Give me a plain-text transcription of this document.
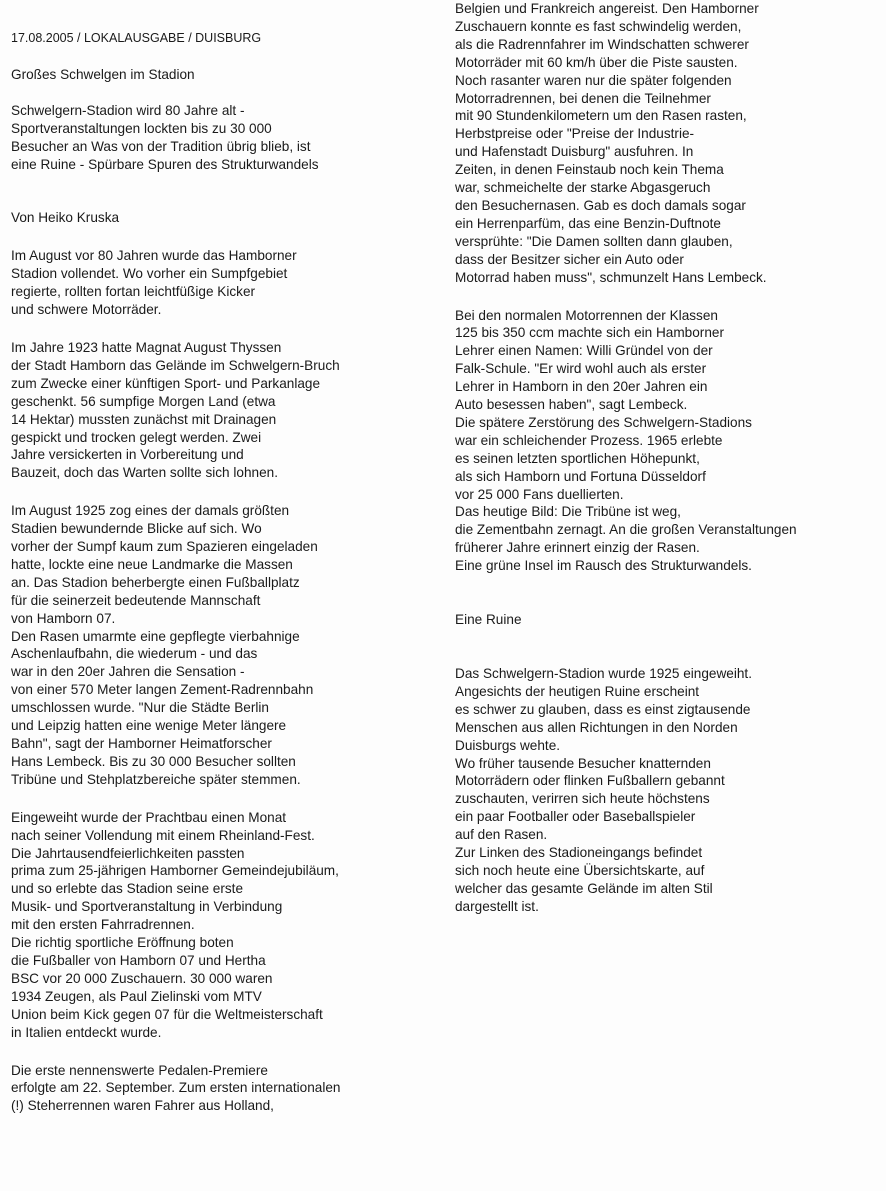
17.08.2005 / LOKALAUSGABE / DUISBURG
Großes Schwelgen im Stadion
Schwelgern-Stadion wird 80 Jahre alt -
Sportveranstaltungen lockten bis zu 30 000
Besucher an Was von der Tradition übrig blieb, ist
eine Ruine - Spürbare Spuren des Strukturwandels
Von Heiko Kruska
Im August vor 80 Jahren wurde das Hamborner
Stadion vollendet. Wo vorher ein Sumpfgebiet
regierte, rollten fortan leichtfüßige Kicker
und schwere Motorräder.
Im Jahre 1923 hatte Magnat August Thyssen
der Stadt Hamborn das Gelände im Schwelgern-Bruch
zum Zwecke einer künftigen Sport- und Parkanlage
geschenkt. 56 sumpfige Morgen Land (etwa
14 Hektar) mussten zunächst mit Drainagen
gespickt und trocken gelegt werden. Zwei
Jahre versickerten in Vorbereitung und
Bauzeit, doch das Warten sollte sich lohnen.
Im August 1925 zog eines der damals größten
Stadien bewundernde Blicke auf sich. Wo
vorher der Sumpf kaum zum Spazieren eingeladen
hatte, lockte eine neue Landmarke die Massen
an. Das Stadion beherbergte einen Fußballplatz
für die seinerzeit bedeutende Mannschaft
von Hamborn 07.
Den Rasen umarmte eine gepflegte vierbahnige
Aschenlaufbahn, die wiederum - und das
war in den 20er Jahren die Sensation -
von einer 570 Meter langen Zement-Radrennbahn
umschlossen wurde. "Nur die Städte Berlin
und Leipzig hatten eine wenige Meter längere
Bahn", sagt der Hamborner Heimatforscher
Hans Lembeck. Bis zu 30 000 Besucher sollten
Tribüne und Stehplatzbereiche später stemmen.
Eingeweiht wurde der Prachtbau einen Monat
nach seiner Vollendung mit einem Rheinland-Fest.
Die Jahrtausendfeierlichkeiten passten
prima zum 25-jährigen Hamborner Gemeindejubiläum,
und so erlebte das Stadion seine erste
Musik- und Sportveranstaltung in Verbindung
mit den ersten Fahrradrennen.
Die richtig sportliche Eröffnung boten
die Fußballer von Hamborn 07 und Hertha
BSC vor 20 000 Zuschauern. 30 000 waren
1934 Zeugen, als Paul Zielinski vom MTV
Union beim Kick gegen 07 für die Weltmeisterschaft
in Italien entdeckt wurde.
Die erste nennenswerte Pedalen-Premiere
erfolgte am 22. September. Zum ersten internationalen
(!) Steherrennen waren Fahrer aus Holland,
Belgien und Frankreich angereist. Den Hamborner
Zuschauern konnte es fast schwindelig werden,
als die Radrennfahrer im Windschatten schwerer
Motorräder mit 60 km/h über die Piste sausten.
Noch rasanter waren nur die später folgenden
Motorradrennen, bei denen die Teilnehmer
mit 90 Stundenkilometern um den Rasen rasten,
Herbstpreise oder "Preise der Industrie-
und Hafenstadt Duisburg" ausfuhren. In
Zeiten, in denen Feinstaub noch kein Thema
war, schmeichelte der starke Abgasgeruch
den Besuchernasen. Gab es doch damals sogar
ein Herrenparfüm, das eine Benzin-Duftnote
versprühte: "Die Damen sollten dann glauben,
dass der Besitzer sicher ein Auto oder
Motorrad haben muss", schmunzelt Hans Lembeck.
Bei den normalen Motorrennen der Klassen
125 bis 350 ccm machte sich ein Hamborner
Lehrer einen Namen: Willi Gründel von der
Falk-Schule. "Er wird wohl auch als erster
Lehrer in Hamborn in den 20er Jahren ein
Auto besessen haben", sagt Lembeck.
Die spätere Zerstörung des Schwelgern-Stadions
war ein schleichender Prozess. 1965 erlebte
es seinen letzten sportlichen Höhepunkt,
als sich Hamborn und Fortuna Düsseldorf
vor 25 000 Fans duellierten.
Das heutige Bild: Die Tribüne ist weg,
die Zementbahn zernagt. An die großen Veranstaltungen
früherer Jahre erinnert einzig der Rasen.
Eine grüne Insel im Rausch des Strukturwandels.
Eine Ruine
Das Schwelgern-Stadion wurde 1925 eingeweiht.
Angesichts der heutigen Ruine erscheint
es schwer zu glauben, dass es einst zigtausende
Menschen aus allen Richtungen in den Norden
Duisburgs wehte.
Wo früher tausende Besucher knatternden
Motorrädern oder flinken Fußballern gebannt
zuschauten, verirren sich heute höchstens
ein paar Footballer oder Baseballspieler
auf den Rasen.
Zur Linken des Stadioneingangs befindet
sich noch heute eine Übersichtskarte, auf
welcher das gesamte Gelände im alten Stil
dargestellt ist.
